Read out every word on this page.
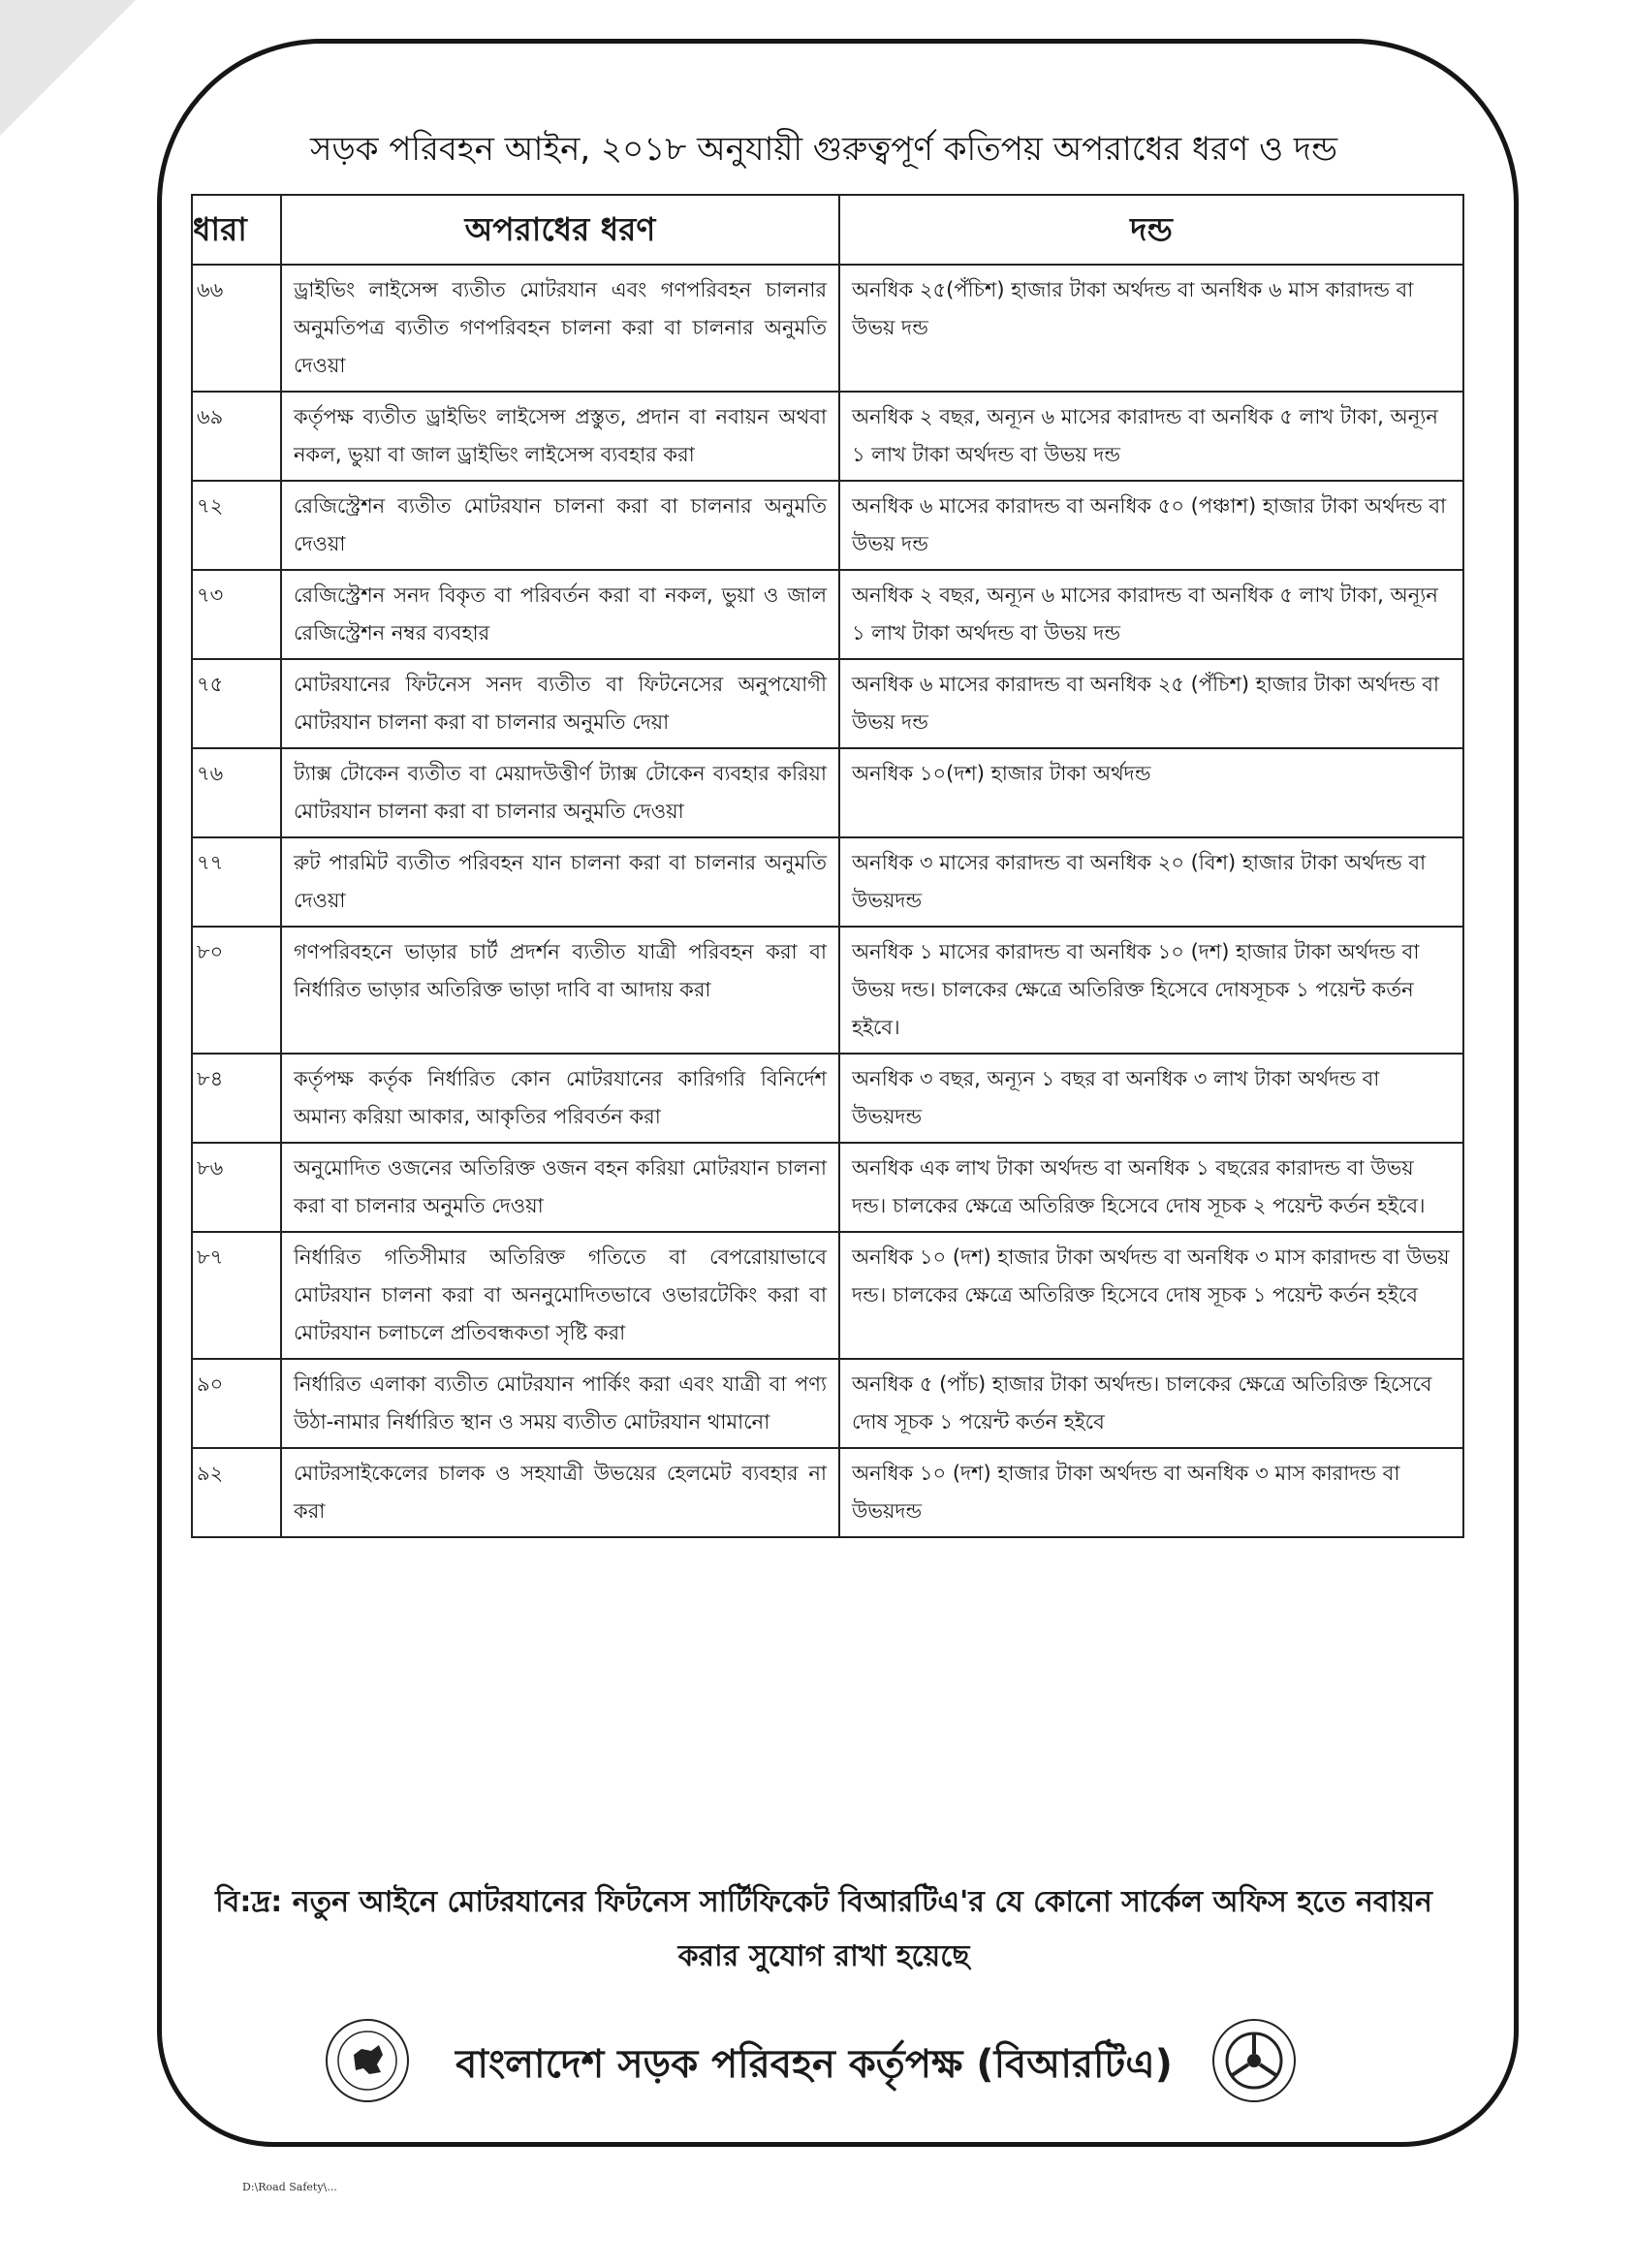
সড়ক পরিবহন আইন, ২০১৮ অনুযায়ী গুরুত্বপূর্ণ কতিপয় অপরাধের ধরণ ও দন্ড
ধারা	অপরাধের ধরণ	দন্ড
৬৬	ড্রাইভিং লাইসেন্স ব্যতীত মোটরযান এবং গণপরিবহন চালনার অনুমতিপত্র ব্যতীত গণপরিবহন চালনা করা বা চালনার অনুমতি দেওয়া	অনধিক ২৫(পঁচিশ) হাজার টাকা অর্থদন্ড বা অনধিক ৬ মাস কারাদন্ড বা উভয় দন্ড
৬৯	কর্তৃপক্ষ ব্যতীত ড্রাইভিং লাইসেন্স প্রস্তুত, প্রদান বা নবায়ন অথবা নকল, ভুয়া বা জাল ড্রাইভিং লাইসেন্স ব্যবহার করা	অনধিক ২ বছর, অন্যূন ৬ মাসের কারাদন্ড বা অনধিক ৫ লাখ টাকা, অন্যূন ১ লাখ টাকা অর্থদন্ড বা উভয় দন্ড
৭২	রেজিস্ট্রেশন ব্যতীত মোটরযান চালনা করা বা চালনার অনুমতি দেওয়া	অনধিক ৬ মাসের কারাদন্ড বা অনধিক ৫০ (পঞ্চাশ) হাজার টাকা অর্থদন্ড বা উভয় দন্ড
৭৩	রেজিস্ট্রেশন সনদ বিকৃত বা পরিবর্তন করা বা নকল, ভুয়া ও জাল রেজিস্ট্রেশন নম্বর ব্যবহার	অনধিক ২ বছর, অন্যূন ৬ মাসের কারাদন্ড বা অনধিক ৫ লাখ টাকা, অন্যূন ১ লাখ টাকা অর্থদন্ড বা উভয় দন্ড
৭৫	মোটরযানের ফিটনেস সনদ ব্যতীত বা ফিটনেসের অনুপযোগী মোটরযান চালনা করা বা চালনার অনুমতি দেয়া	অনধিক ৬ মাসের কারাদন্ড বা অনধিক ২৫ (পঁচিশ) হাজার টাকা অর্থদন্ড বা উভয় দন্ড
৭৬	ট্যাক্স টোকেন ব্যতীত বা মেয়াদউত্তীর্ণ ট্যাক্স টোকেন ব্যবহার করিয়া মোটরযান চালনা করা বা চালনার অনুমতি দেওয়া	অনধিক ১০(দশ) হাজার টাকা অর্থদন্ড
৭৭	রুট পারমিট ব্যতীত পরিবহন যান চালনা করা বা চালনার অনুমতি দেওয়া	অনধিক ৩ মাসের কারাদন্ড বা অনধিক ২০ (বিশ) হাজার টাকা অর্থদন্ড বা উভয়দন্ড
৮০	গণপরিবহনে ভাড়ার চার্ট প্রদর্শন ব্যতীত যাত্রী পরিবহন করা বা নির্ধারিত ভাড়ার অতিরিক্ত ভাড়া দাবি বা আদায় করা	অনধিক ১ মাসের কারাদন্ড বা অনধিক ১০ (দশ) হাজার টাকা অর্থদন্ড বা উভয় দন্ড। চালকের ক্ষেত্রে অতিরিক্ত হিসেবে দোষসূচক ১ পয়েন্ট কর্তন হইবে।
৮৪	কর্তৃপক্ষ কর্তৃক নির্ধারিত কোন মোটরযানের কারিগরি বিনির্দেশ অমান্য করিয়া আকার, আকৃতির পরিবর্তন করা	অনধিক ৩ বছর, অন্যূন ১ বছর বা অনধিক ৩ লাখ টাকা অর্থদন্ড বা উভয়দন্ড
৮৬	অনুমোদিত ওজনের অতিরিক্ত ওজন বহন করিয়া মোটরযান চালনা করা বা চালনার অনুমতি দেওয়া	অনধিক এক লাখ টাকা অর্থদন্ড বা অনধিক ১ বছরের কারাদন্ড বা উভয় দন্ড। চালকের ক্ষেত্রে অতিরিক্ত হিসেবে দোষ সূচক ২ পয়েন্ট কর্তন হইবে।
৮৭	নির্ধারিত গতিসীমার অতিরিক্ত গতিতে বা বেপরোয়াভাবে মোটরযান চালনা করা বা অননুমোদিতভাবে ওভারটেকিং করা বা মোটরযান চলাচলে প্রতিবন্ধকতা সৃষ্টি করা	অনধিক ১০ (দশ) হাজার টাকা অর্থদন্ড বা অনধিক ৩ মাস কারাদন্ড বা উভয় দন্ড। চালকের ক্ষেত্রে অতিরিক্ত হিসেবে দোষ সূচক ১ পয়েন্ট কর্তন হইবে
৯০	নির্ধারিত এলাকা ব্যতীত মোটরযান পার্কিং করা এবং যাত্রী বা পণ্য উঠা-নামার নির্ধারিত স্থান ও সময় ব্যতীত মোটরযান থামানো	অনধিক ৫ (পাঁচ) হাজার টাকা অর্থদন্ড। চালকের ক্ষেত্রে অতিরিক্ত হিসেবে দোষ সূচক ১ পয়েন্ট কর্তন হইবে
৯২	মোটরসাইকেলের চালক ও সহযাত্রী উভয়ের হেলমেট ব্যবহার না করা	অনধিক ১০ (দশ) হাজার টাকা অর্থদন্ড বা অনধিক ৩ মাস কারাদন্ড বা উভয়দন্ড
বি:দ্র: নতুন আইনে মোটরযানের ফিটনেস সার্টিফিকেট বিআরটিএ'র যে কোনো সার্কেল অফিস হতে নবায়ন করার সুযোগ রাখা হয়েছে
বাংলাদেশ সড়ক পরিবহন কর্তৃপক্ষ (বিআরটিএ)
D:\Road Safety\...
